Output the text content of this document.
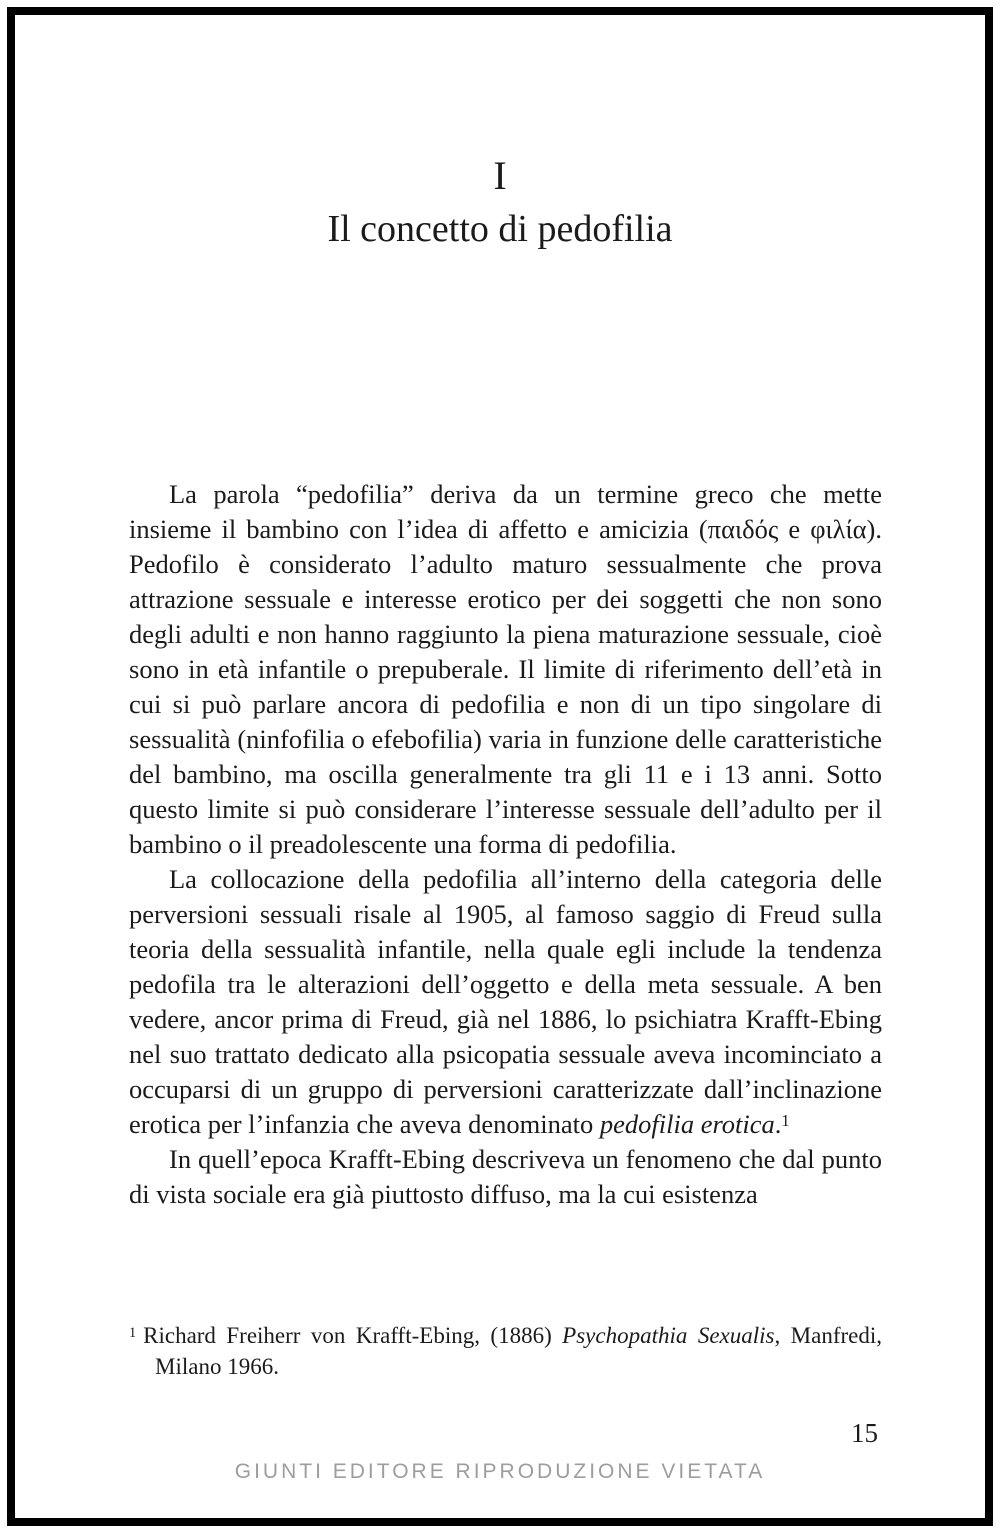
I
Il concetto di pedofilia

La parola “pedofilia” deriva da un termine greco che mette insieme il bambino con l’idea di affetto e amicizia (παιδός e φιλία). Pedofilo è considerato l’adulto maturo sessualmente che prova attrazione sessuale e interesse erotico per dei soggetti che non sono degli adulti e non hanno raggiunto la piena maturazione sessuale, cioè sono in età infantile o prepuberale. Il limite di riferimento dell’età in cui si può parlare ancora di pedofilia e non di un tipo singolare di sessualità (ninfofilia o efebofilia) varia in funzione delle caratteristiche del bambino, ma oscilla generalmente tra gli 11 e i 13 anni. Sotto questo limite si può considerare l’interesse sessuale dell’adulto per il bambino o il preadolescente una forma di pedofilia.

La collocazione della pedofilia all’interno della categoria delle perversioni sessuali risale al 1905, al famoso saggio di Freud sulla teoria della sessualità infantile, nella quale egli include la tendenza pedofila tra le alterazioni dell’oggetto e della meta sessuale. A ben vedere, ancor prima di Freud, già nel 1886, lo psichiatra Krafft-Ebing nel suo trattato dedicato alla psicopatia sessuale aveva incominciato a occuparsi di un gruppo di perversioni caratterizzate dall’inclinazione erotica per l’infanzia che aveva denominato pedofilia erotica.$^1$

In quell’epoca Krafft-Ebing descriveva un fenomeno che dal punto di vista sociale era già piuttosto diffuso, ma la cui esistenza

$^1$ Richard Freiherr von Krafft-Ebing, (1886) Psychopathia Sexualis, Manfredi, Milano 1966.
15
GIUNTI EDITORE RIPRODUZIONE VIETATA
